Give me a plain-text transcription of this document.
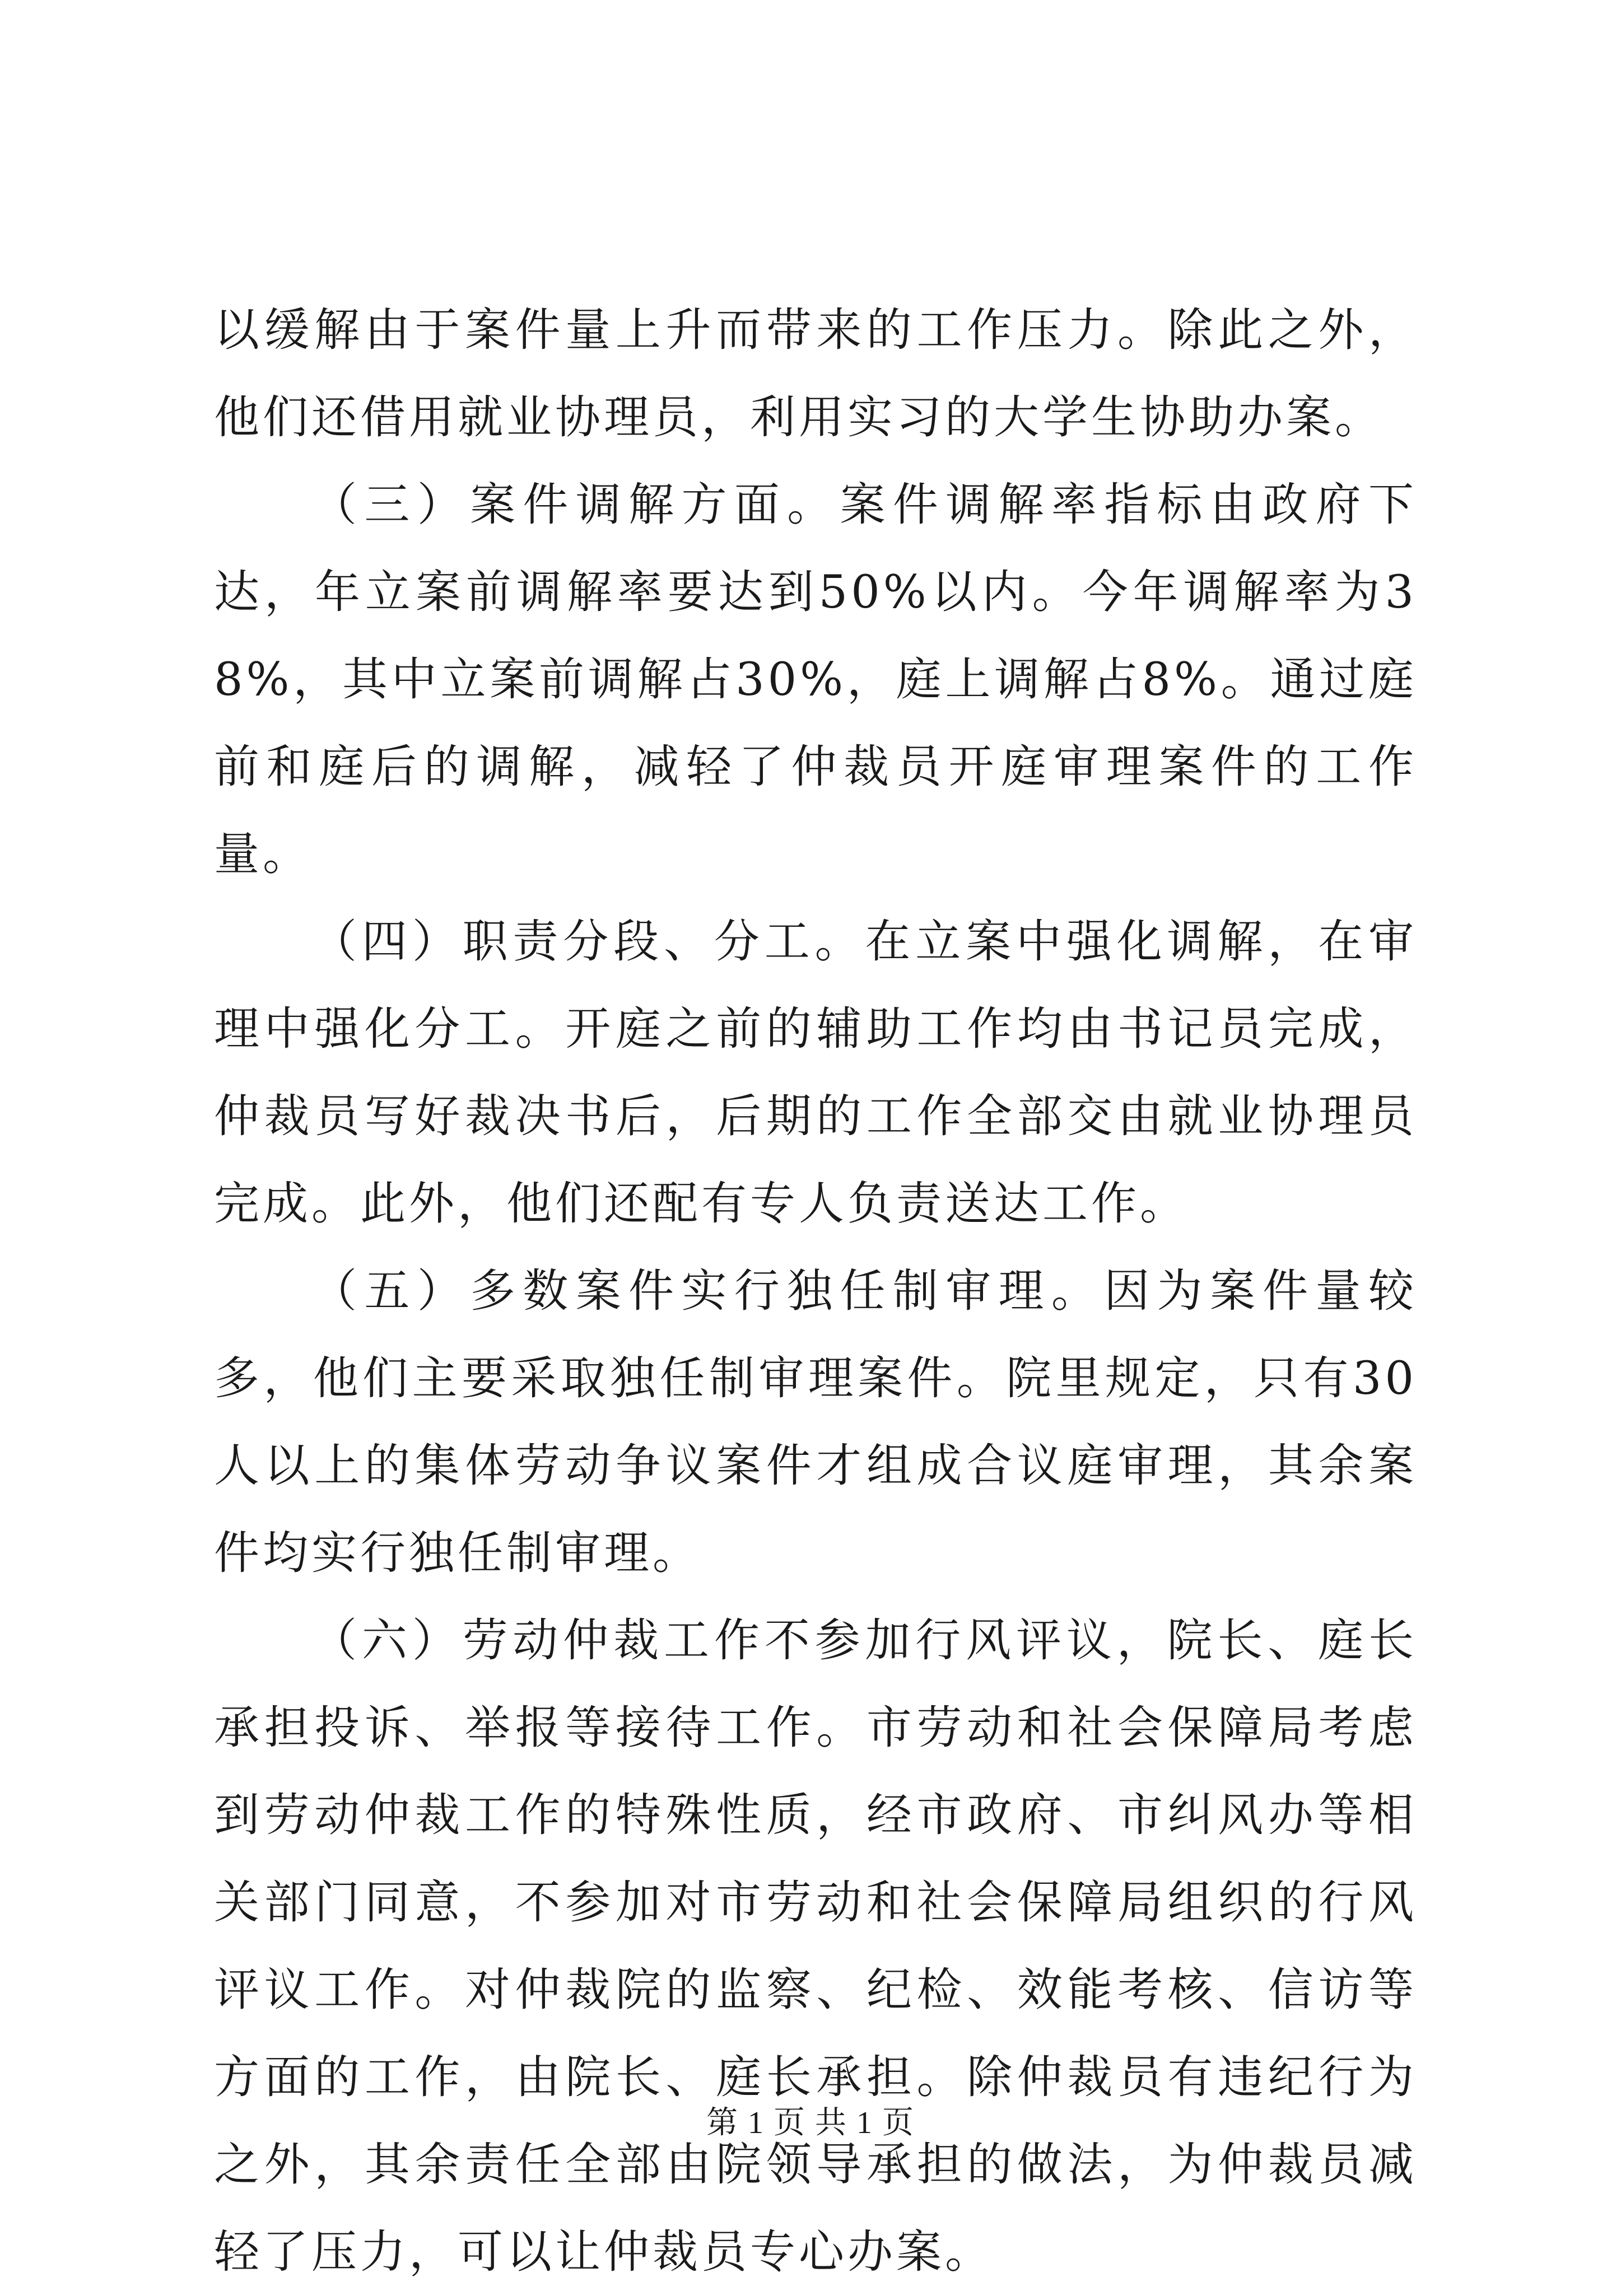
以缓解由于案件量上升而带来的工作压力。除此之外，他们还借用就业协理员，利用实习的大学生协助办案。

（三）案件调解方面。案件调解率指标由政府下达，年立案前调解率要达到50%以内。今年调解率为38%，其中立案前调解占30%，庭上调解占8%。通过庭前和庭后的调解，减轻了仲裁员开庭审理案件的工作量。

（四）职责分段、分工。在立案中强化调解，在审理中强化分工。开庭之前的辅助工作均由书记员完成，仲裁员写好裁决书后，后期的工作全部交由就业协理员完成。此外，他们还配有专人负责送达工作。

（五）多数案件实行独任制审理。因为案件量较多，他们主要采取独任制审理案件。院里规定，只有30人以上的集体劳动争议案件才组成合议庭审理，其余案件均实行独任制审理。

（六）劳动仲裁工作不参加行风评议，院长、庭长承担投诉、举报等接待工作。市劳动和社会保障局考虑到劳动仲裁工作的特殊性质，经市政府、市纠风办等相关部门同意，不参加对市劳动和社会保障局组织的行风评议工作。对仲裁院的监察、纪检、效能考核、信访等方面的工作，由院长、庭长承担。除仲裁员有违纪行为之外，其余责任全部由院领导承担的做法，为仲裁员减轻了压力，可以让仲裁员专心办案。

第 1 页 共 1 页
